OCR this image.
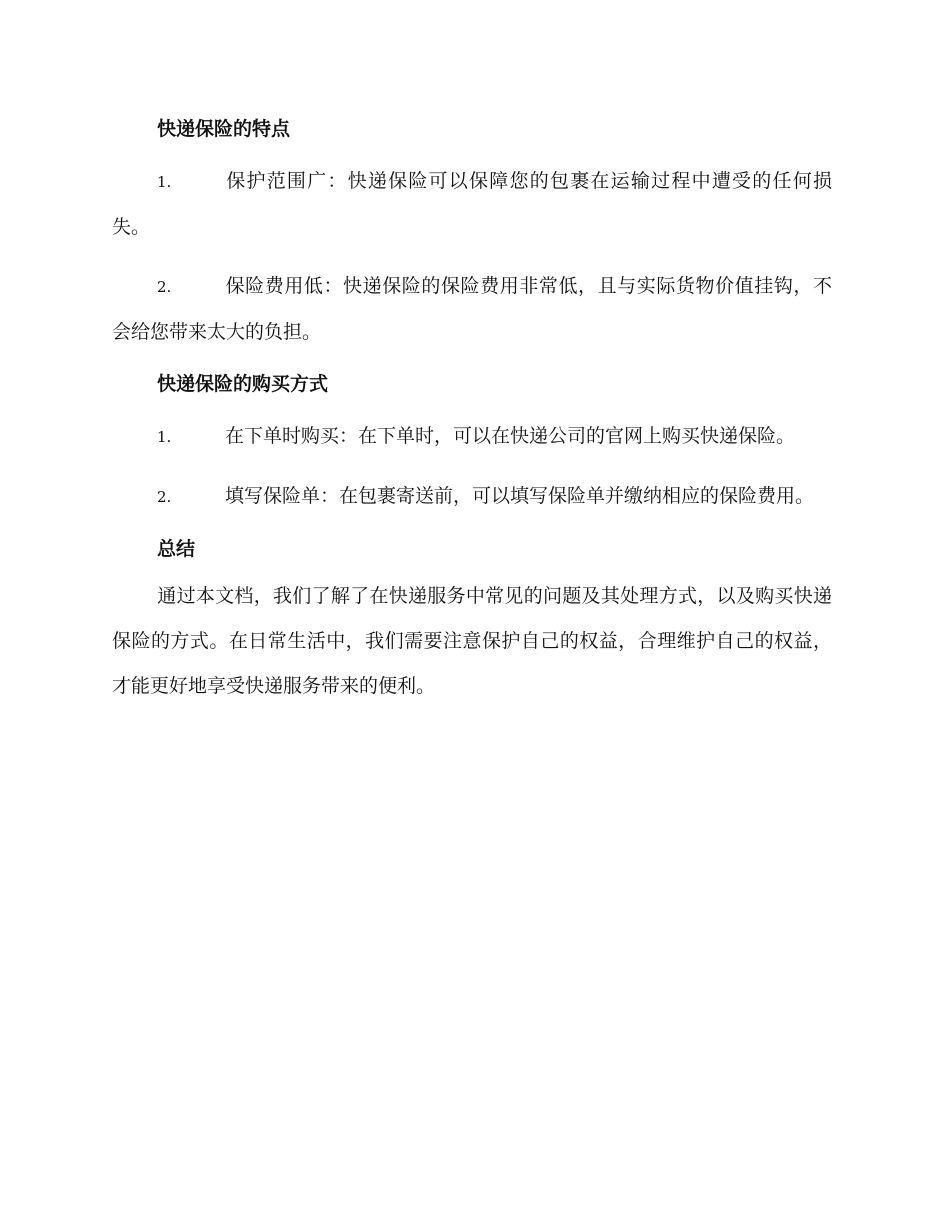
快递保险的特点

1.	保护范围广：快递保险可以保障您的包裹在运输过程中遭受的任何损失。

2.	保险费用低：快递保险的保险费用非常低，且与实际货物价值挂钩，不会给您带来太大的负担。

快递保险的购买方式

1.	在下单时购买：在下单时，可以在快递公司的官网上购买快递保险。

2.	填写保险单：在包裹寄送前，可以填写保险单并缴纳相应的保险费用。

总结

通过本文档，我们了解了在快递服务中常见的问题及其处理方式，以及购买快递保险的方式。在日常生活中，我们需要注意保护自己的权益，合理维护自己的权益，才能更好地享受快递服务带来的便利。
